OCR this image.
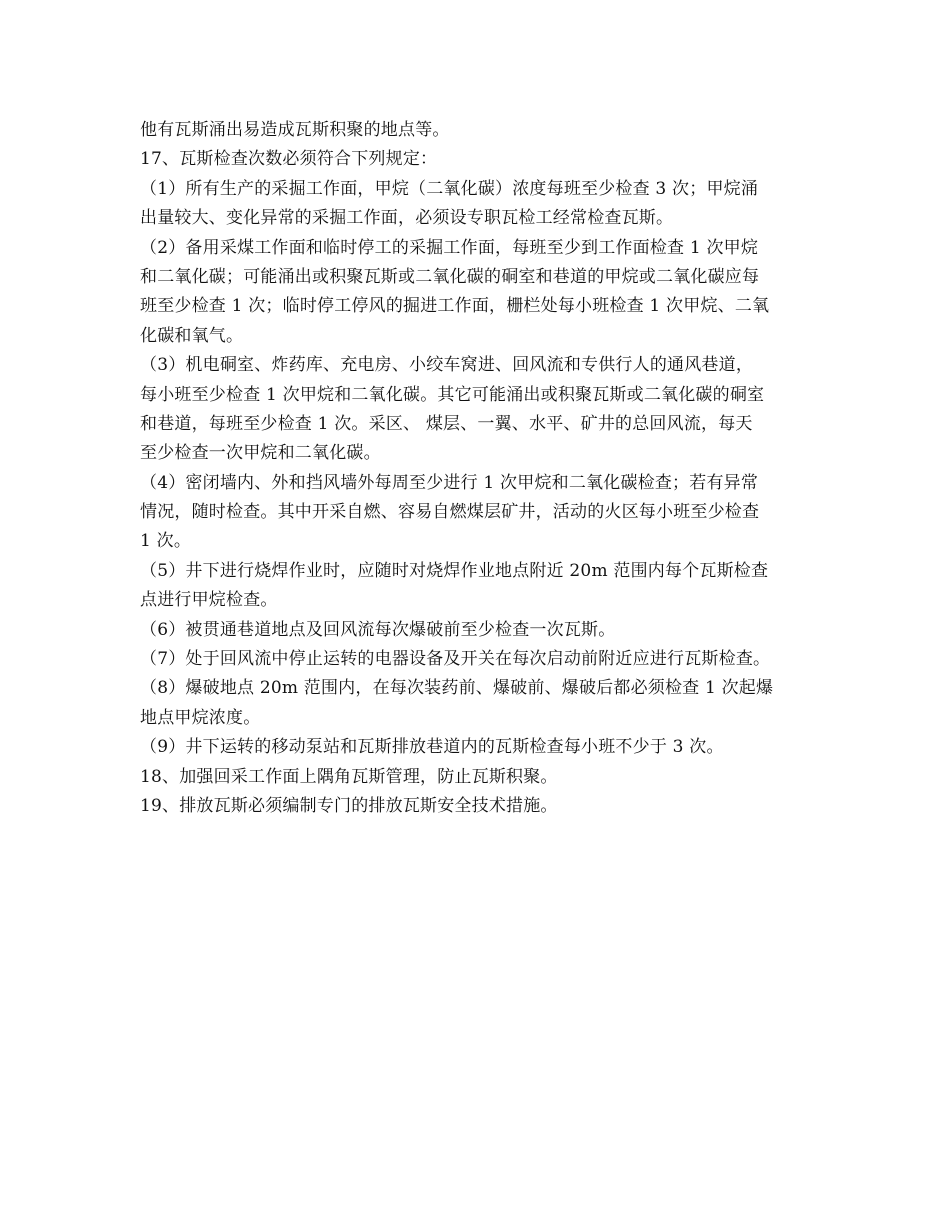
他有瓦斯涌出易造成瓦斯积聚的地点等。
17、瓦斯检查次数必须符合下列规定：
（1）所有生产的采掘工作面，甲烷（二氧化碳）浓度每班至少检查 3 次；甲烷涌
出量较大、变化异常的采掘工作面，必须设专职瓦检工经常检查瓦斯。
（2）备用采煤工作面和临时停工的采掘工作面，每班至少到工作面检查 1 次甲烷
和二氧化碳；可能涌出或积聚瓦斯或二氧化碳的硐室和巷道的甲烷或二氧化碳应每
班至少检查 1 次；临时停工停风的掘进工作面，栅栏处每小班检查 1 次甲烷、二氧
化碳和氧气。
（3）机电硐室、炸药库、充电房、小绞车窝进、回风流和专供行人的通风巷道，
每小班至少检查 1 次甲烷和二氧化碳。其它可能涌出或积聚瓦斯或二氧化碳的硐室
和巷道，每班至少检查 1 次。采区、 煤层、一翼、水平、矿井的总回风流，每天
至少检查一次甲烷和二氧化碳。
（4）密闭墙内、外和挡风墙外每周至少进行 1 次甲烷和二氧化碳检查；若有异常
情况，随时检查。其中开采自燃、容易自燃煤层矿井，活动的火区每小班至少检查
1 次。
（5）井下进行烧焊作业时，应随时对烧焊作业地点附近 20m 范围内每个瓦斯检查
点进行甲烷检查。
（6）被贯通巷道地点及回风流每次爆破前至少检查一次瓦斯。
（7）处于回风流中停止运转的电器设备及开关在每次启动前附近应进行瓦斯检查。
（8）爆破地点 20m 范围内，在每次装药前、爆破前、爆破后都必须检查 1 次起爆
地点甲烷浓度。
（9）井下运转的移动泵站和瓦斯排放巷道内的瓦斯检查每小班不少于 3 次。
18、加强回采工作面上隅角瓦斯管理，防止瓦斯积聚。
19、排放瓦斯必须编制专门的排放瓦斯安全技术措施。
